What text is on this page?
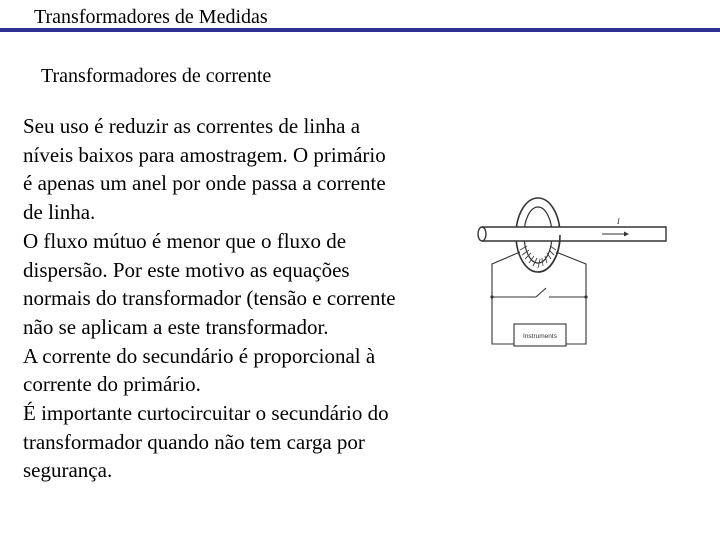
Transformadores de Medidas
Transformadores de corrente
Seu uso é reduzir as correntes de linha a
níveis baixos para amostragem. O primário
é apenas um anel por onde passa a corrente
de linha.
O fluxo mútuo é menor que o fluxo de
dispersão. Por este motivo as equações
normais do transformador (tensão e corrente
não se aplicam a este transformador.
A corrente do secundário é proporcional à
corrente do primário.
É importante curtocircuitar o secundário do
transformador quando não tem carga por
segurança.
I
Instruments
